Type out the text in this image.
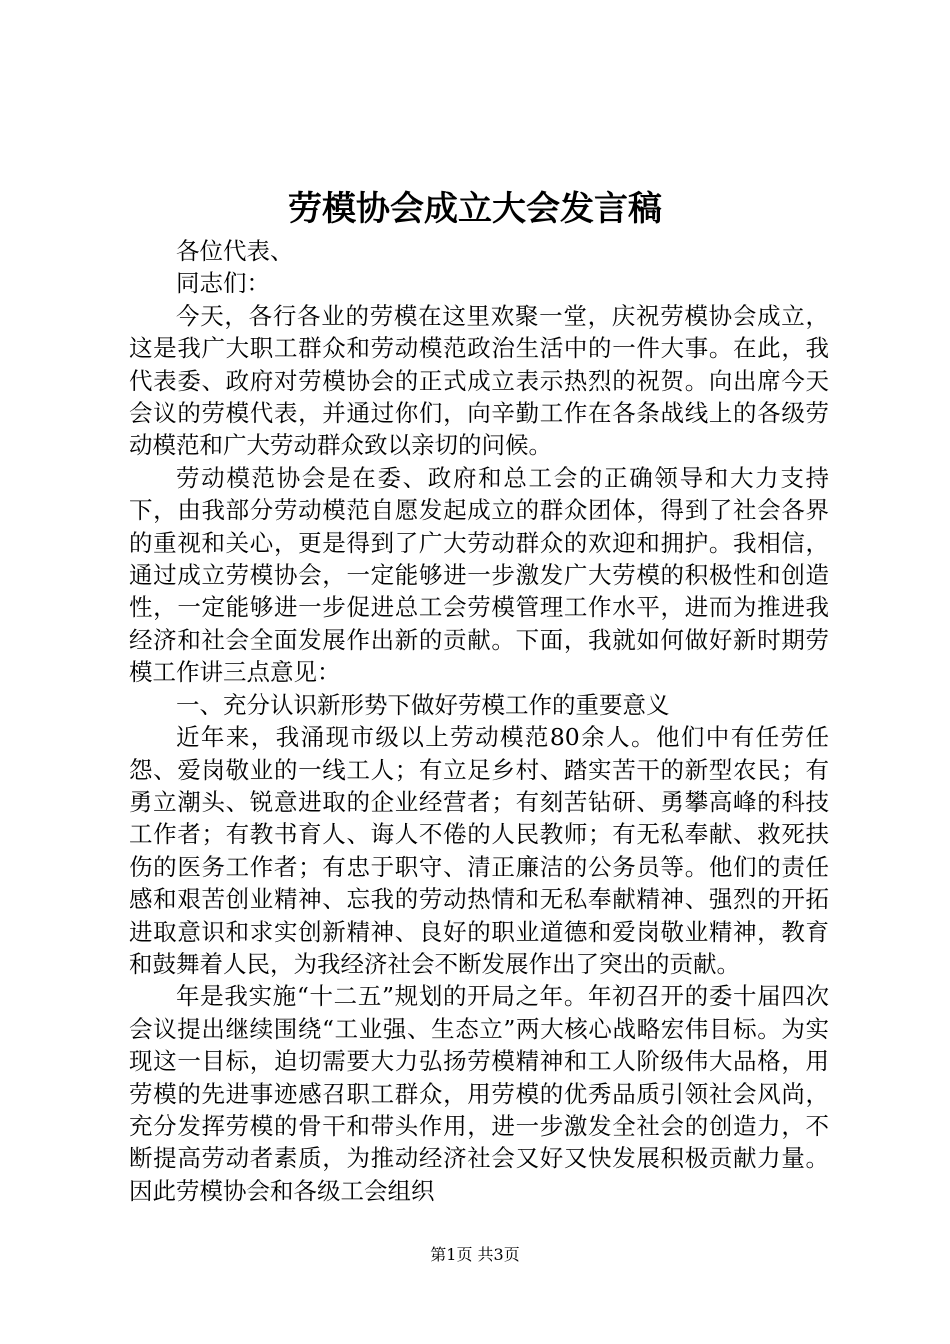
劳模协会成立大会发言稿

各位代表、

同志们：

今天，各行各业的劳模在这里欢聚一堂，庆祝劳模协会成立，这是我广大职工群众和劳动模范政治生活中的一件大事。在此，我代表委、政府对劳模协会的正式成立表示热烈的祝贺。向出席今天会议的劳模代表，并通过你们，向辛勤工作在各条战线上的各级劳动模范和广大劳动群众致以亲切的问候。

劳动模范协会是在委、政府和总工会的正确领导和大力支持下，由我部分劳动模范自愿发起成立的群众团体，得到了社会各界的重视和关心，更是得到了广大劳动群众的欢迎和拥护。我相信，通过成立劳模协会，一定能够进一步激发广大劳模的积极性和创造性，一定能够进一步促进总工会劳模管理工作水平，进而为推进我经济和社会全面发展作出新的贡献。下面，我就如何做好新时期劳模工作讲三点意见：

一、充分认识新形势下做好劳模工作的重要意义

近年来，我涌现市级以上劳动模范80余人。他们中有任劳任怨、爱岗敬业的一线工人；有立足乡村、踏实苦干的新型农民；有勇立潮头、锐意进取的企业经营者；有刻苦钻研、勇攀高峰的科技工作者；有教书育人、诲人不倦的人民教师；有无私奉献、救死扶伤的医务工作者；有忠于职守、清正廉洁的公务员等。他们的责任感和艰苦创业精神、忘我的劳动热情和无私奉献精神、强烈的开拓进取意识和求实创新精神、良好的职业道德和爱岗敬业精神，教育和鼓舞着人民，为我经济社会不断发展作出了突出的贡献。

年是我实施“十二五”规划的开局之年。年初召开的委十届四次会议提出继续围绕“工业强、生态立”两大核心战略宏伟目标。为实现这一目标，迫切需要大力弘扬劳模精神和工人阶级伟大品格，用劳模的先进事迹感召职工群众，用劳模的优秀品质引领社会风尚，充分发挥劳模的骨干和带头作用，进一步激发全社会的创造力，不断提高劳动者素质，为推动经济社会又好又快发展积极贡献力量。因此劳模协会和各级工会组织

第1页 共3页
